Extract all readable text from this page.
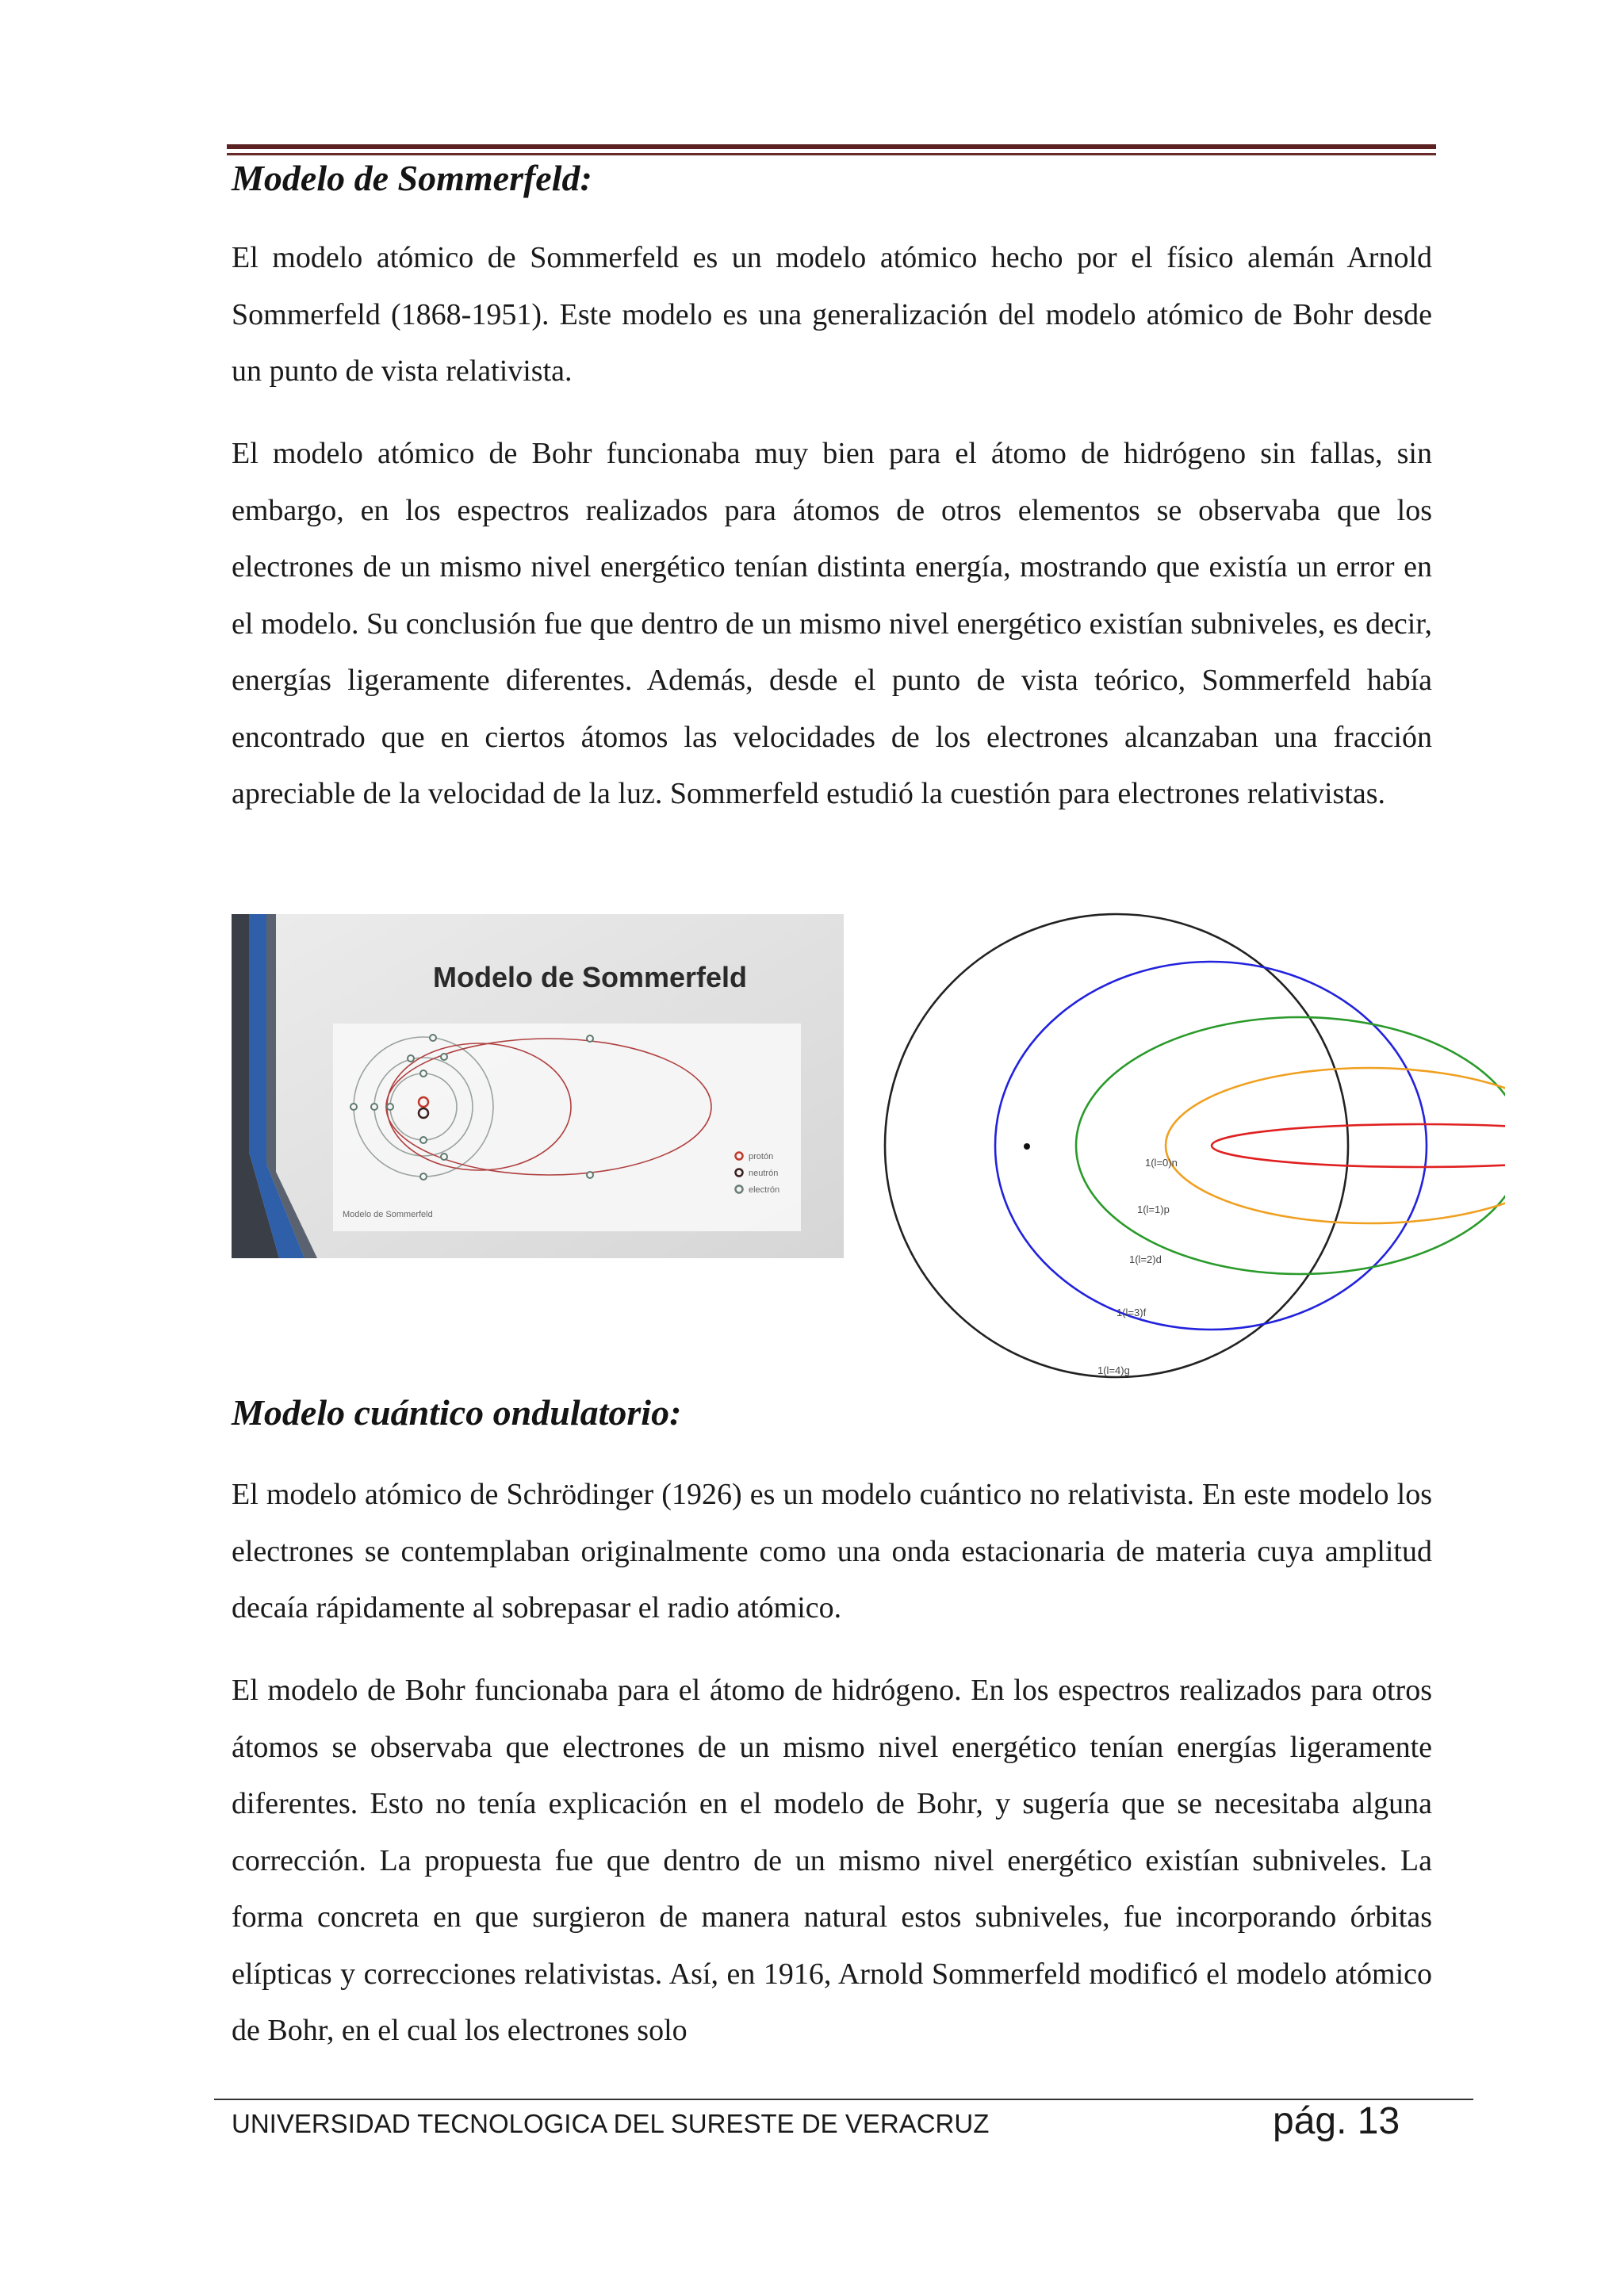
Modelo de Sommerfeld:

El modelo atómico de Sommerfeld es un modelo atómico hecho por el físico alemán Arnold Sommerfeld (1868-1951). Este modelo es una generalización del modelo atómico de Bohr desde un punto de vista relativista.

El modelo atómico de Bohr funcionaba muy bien para el átomo de hidrógeno sin fallas, sin embargo, en los espectros realizados para átomos de otros elementos se observaba que los electrones de un mismo nivel energético tenían distinta energía, mostrando que existía un error en el modelo. Su conclusión fue que dentro de un mismo nivel energético existían subniveles, es decir, energías ligeramente diferentes. Además, desde el punto de vista teórico, Sommerfeld había encontrado que en ciertos átomos las velocidades de los electrones alcanzaban una fracción apreciable de la velocidad de la luz. Sommerfeld estudió la cuestión para electrones relativistas.

Modelo de Sommerfeld
protón
neutrón
electrón
Modelo de Sommerfeld
1(l=0)n
1(l=1)p
1(l=2)d
1(l=3)f
1(l=4)g
Modelo cuántico ondulatorio:

El modelo atómico de Schrödinger (1926) es un modelo cuántico no relativista. En este modelo los electrones se contemplaban originalmente como una onda estacionaria de materia cuya amplitud decaía rápidamente al sobrepasar el radio atómico.

El modelo de Bohr funcionaba para el átomo de hidrógeno. En los espectros realizados para otros átomos se observaba que electrones de un mismo nivel energético tenían energías ligeramente diferentes. Esto no tenía explicación en el modelo de Bohr, y sugería que se necesitaba alguna corrección. La propuesta fue que dentro de un mismo nivel energético existían subniveles. La forma concreta en que surgieron de manera natural estos subniveles, fue incorporando órbitas elípticas y correcciones relativistas. Así, en 1916, Arnold Sommerfeld modificó el modelo atómico de Bohr, en el cual los electrones solo

UNIVERSIDAD TECNOLOGICA DEL SURESTE DE VERACRUZ	pág. 13
